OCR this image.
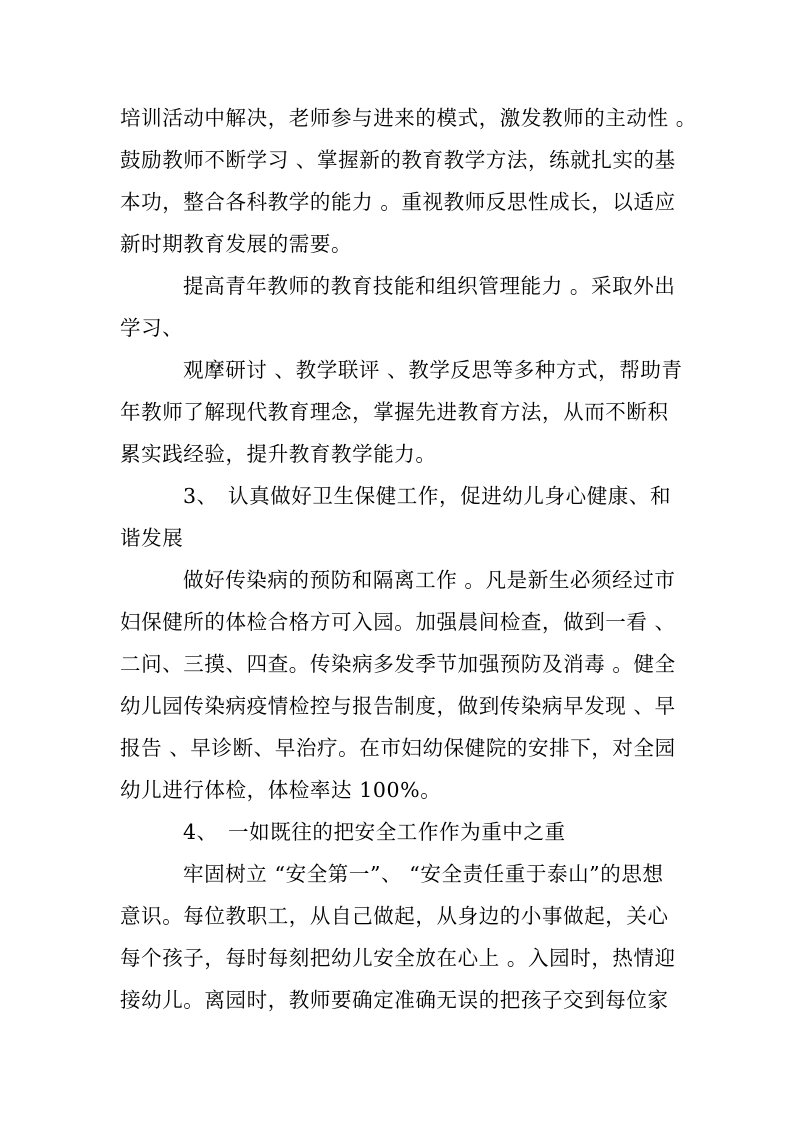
培训活动中解决，老师参与进来的模式，激发教师的主动性 。
鼓励教师不断学习 、掌握新的教育教学方法，练就扎实的基
本功，整合各科教学的能力 。重视教师反思性成长，以适应
新时期教育发展的需要。
提高青年教师的教育技能和组织管理能力 。采取外出
学习、
观摩研讨 、教学联评 、教学反思等多种方式，帮助青
年教师了解现代教育理念，掌握先进教育方法，从而不断积
累实践经验，提升教育教学能力。
3、 认真做好卫生保健工作，促进幼儿身心健康、和
谐发展
做好传染病的预防和隔离工作 。凡是新生必须经过市
妇保健所的体检合格方可入园。加强晨间检查，做到一看 、
二问、三摸、四查。传染病多发季节加强预防及消毒 。健全
幼儿园传染病疫情检控与报告制度，做到传染病早发现 、早
报告 、早诊断、早治疗。在市妇幼保健院的安排下，对全园
幼儿进行体检，体检率达 100%。
4、 一如既往的把安全工作作为重中之重
牢固树立 “安全第一”、 “安全责任重于泰山”的思想
意识。每位教职工，从自己做起，从身边的小事做起，关心
每个孩子，每时每刻把幼儿安全放在心上 。入园时，热情迎
接幼儿。离园时，教师要确定准确无误的把孩子交到每位家
